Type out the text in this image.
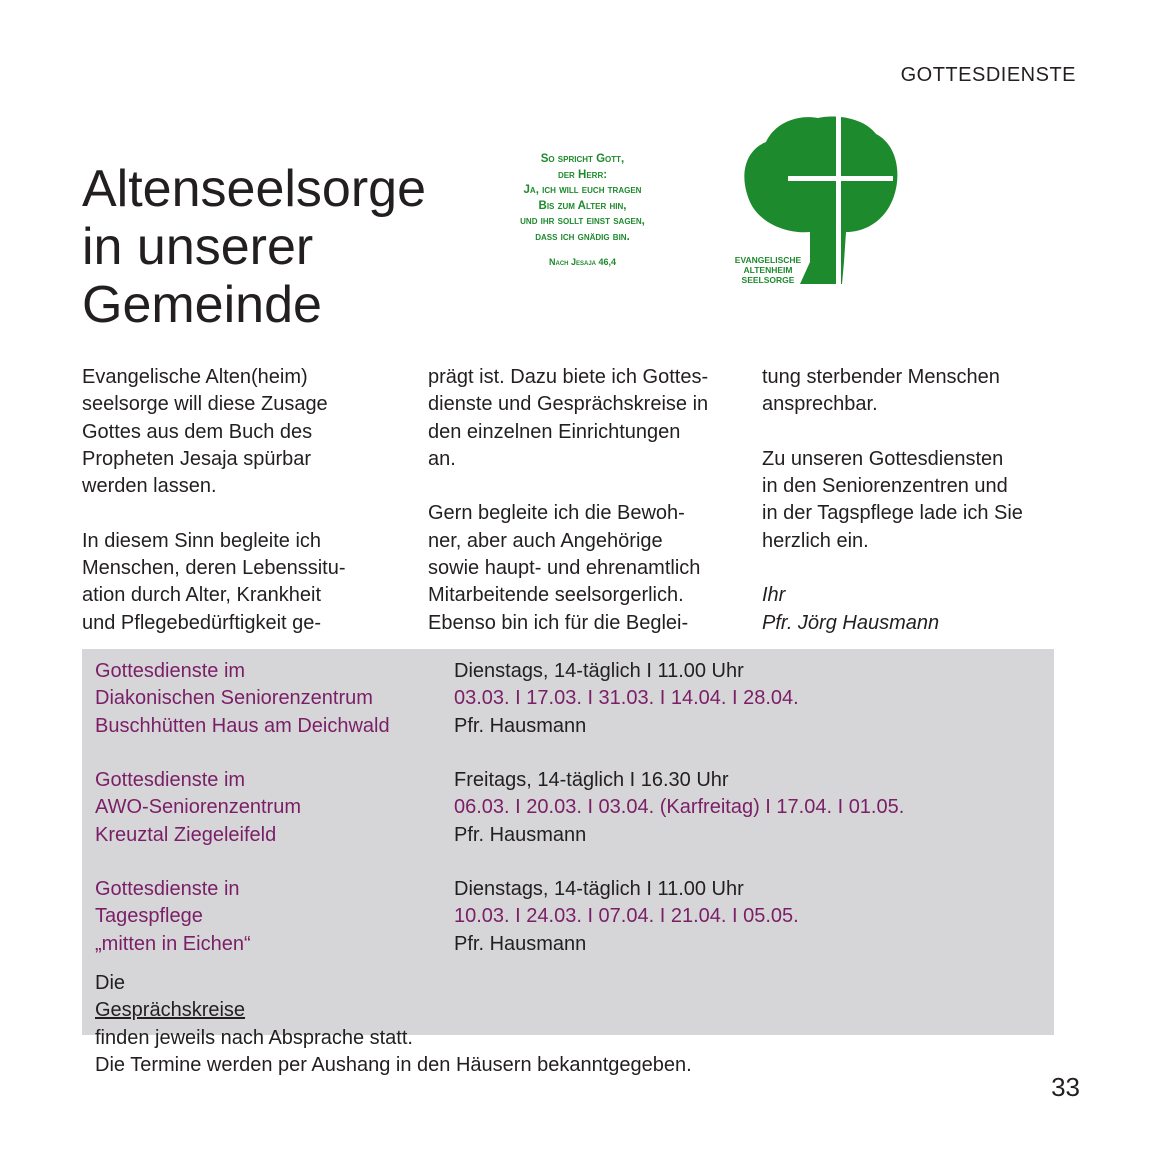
GOTTESDIENSTE
Altenseelsorge
in unserer
Gemeinde
So spricht Gott,
der Herr:
Ja, ich will euch tragen
Bis zum Alter hin,
und ihr sollt einst sagen,
dass ich gnädig bin.
Nach Jesaja 46,4	EVANGELISCHE
ALTENHEIM
SEELSORGE

Evangelische Alten(heim)
seelsorge will diese Zusage
Gottes aus dem Buch des
Propheten Jesaja spürbar
werden lassen.

In diesem Sinn begleite ich
Menschen, deren Lebenssitu-
ation durch Alter, Krankheit
und Pflegebedürftigkeit ge-

prägt ist. Dazu biete ich Gottes-
dienste und Gesprächskreise in
den einzelnen Einrichtungen
an.

Gern begleite ich die Bewoh-
ner, aber auch Angehörige
sowie haupt- und ehrenamtlich
Mitarbeitende seelsorgerlich.
Ebenso bin ich für die Beglei-

tung sterbender Menschen
ansprechbar.

Zu unseren Gottesdiensten
in den Seniorenzentren und
in der Tagspflege lade ich Sie
herzlich ein.

Ihr
Pfr. Jörg Hausmann

Gottesdienste im
Diakonischen Seniorenzentrum
Buschhütten Haus am Deichwald
Dienstags, 14-täglich I 11.00 Uhr
03.03. I 17.03. I 31.03. I 14.04. I 28.04.
Pfr. Hausmann
Gottesdienste im
AWO-Seniorenzentrum
Kreuztal Ziegeleifeld
Freitags, 14-täglich I 16.30 Uhr
06.03. I 20.03. I 03.04. (Karfreitag) I 17.04. I 01.05.
Pfr. Hausmann
Gottesdienste in
Tagespflege
„mitten in Eichen“
Dienstags, 14-täglich I 11.00 Uhr
10.03. I 24.03. I 07.04. I 21.04. I 05.05.
Pfr. Hausmann
Die
Gesprächskreise
finden jeweils nach Absprache statt.
Die Termine werden per Aushang in den Häusern bekanntgegeben.
33
